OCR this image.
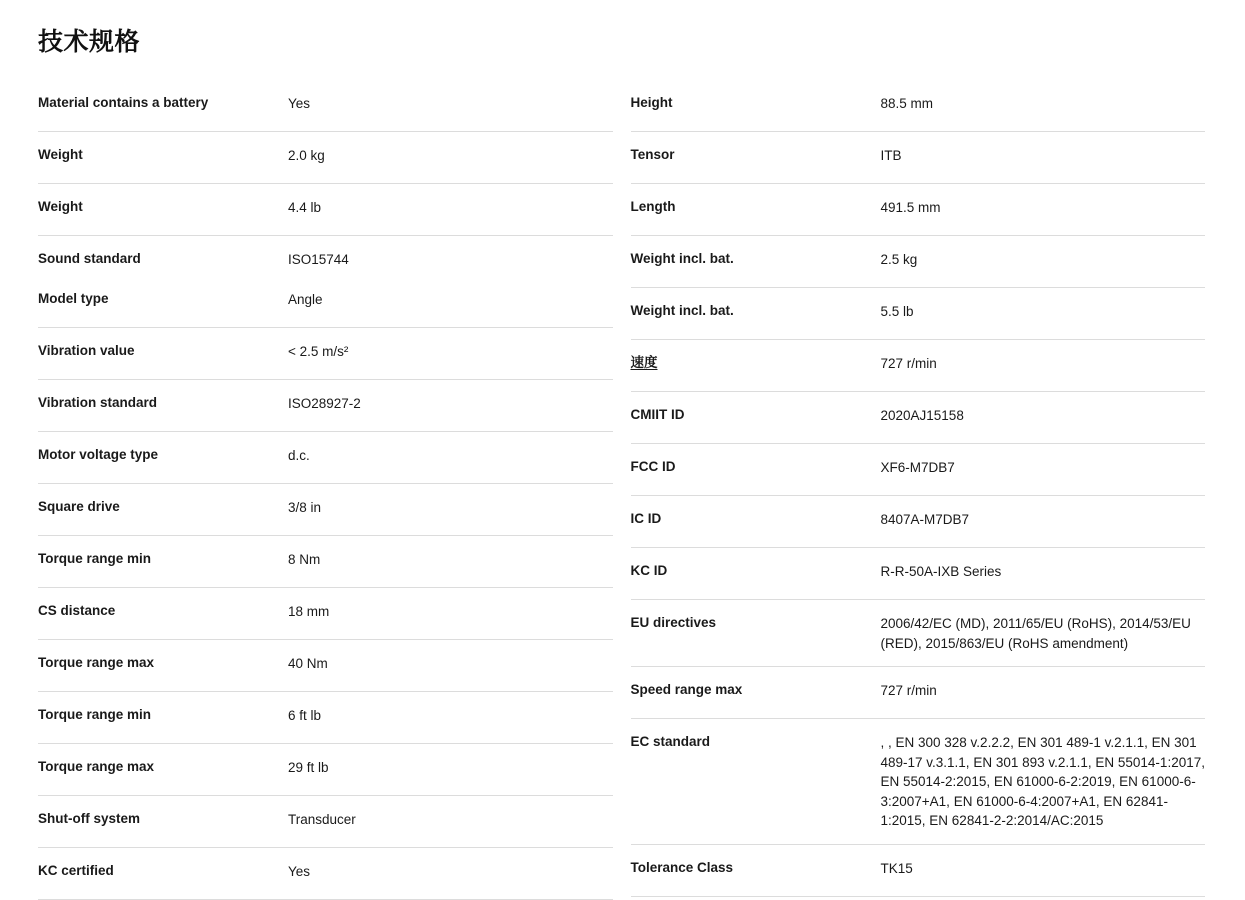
技术规格
Material contains a battery	Yes
Weight	2.0 kg
Weight	4.4 lb
Sound standard	ISO15744
Model type	Angle
Vibration value	< 2.5 m/s²
Vibration standard	ISO28927-2
Motor voltage type	d.c.
Square drive	3/8 in
Torque range min	8 Nm
CS distance	18 mm
Torque range max	40 Nm
Torque range min	6 ft lb
Torque range max	29 ft lb
Shut-off system	Transducer
KC certified	Yes
Height	88.5 mm
Tensor	ITB
Length	491.5 mm
Weight incl. bat.	2.5 kg
Weight incl. bat.	5.5 lb
速度	727 r/min
CMIIT ID	2020AJ15158
FCC ID	XF6-M7DB7
IC ID	8407A-M7DB7
KC ID	R-R-50A-IXB Series
EU directives	2006/42/EC (MD), 2011/65/EU (RoHS), 2014/53/EU (RED), 2015/863/EU (RoHS amendment)
Speed range max	727 r/min
EC standard	, , EN 300 328 v.2.2.2, EN 301 489-1 v.2.1.1, EN 301 489-17 v.3.1.1, EN 301 893 v.2.1.1, EN 55014-1:2017, EN 55014-2:2015, EN 61000-6-2:2019, EN 61000-6-3:2007+A1, EN 61000-6-4:2007+A1, EN 62841-1:2015, EN 62841-2-2:2014/AC:2015
Tolerance Class	TK15
